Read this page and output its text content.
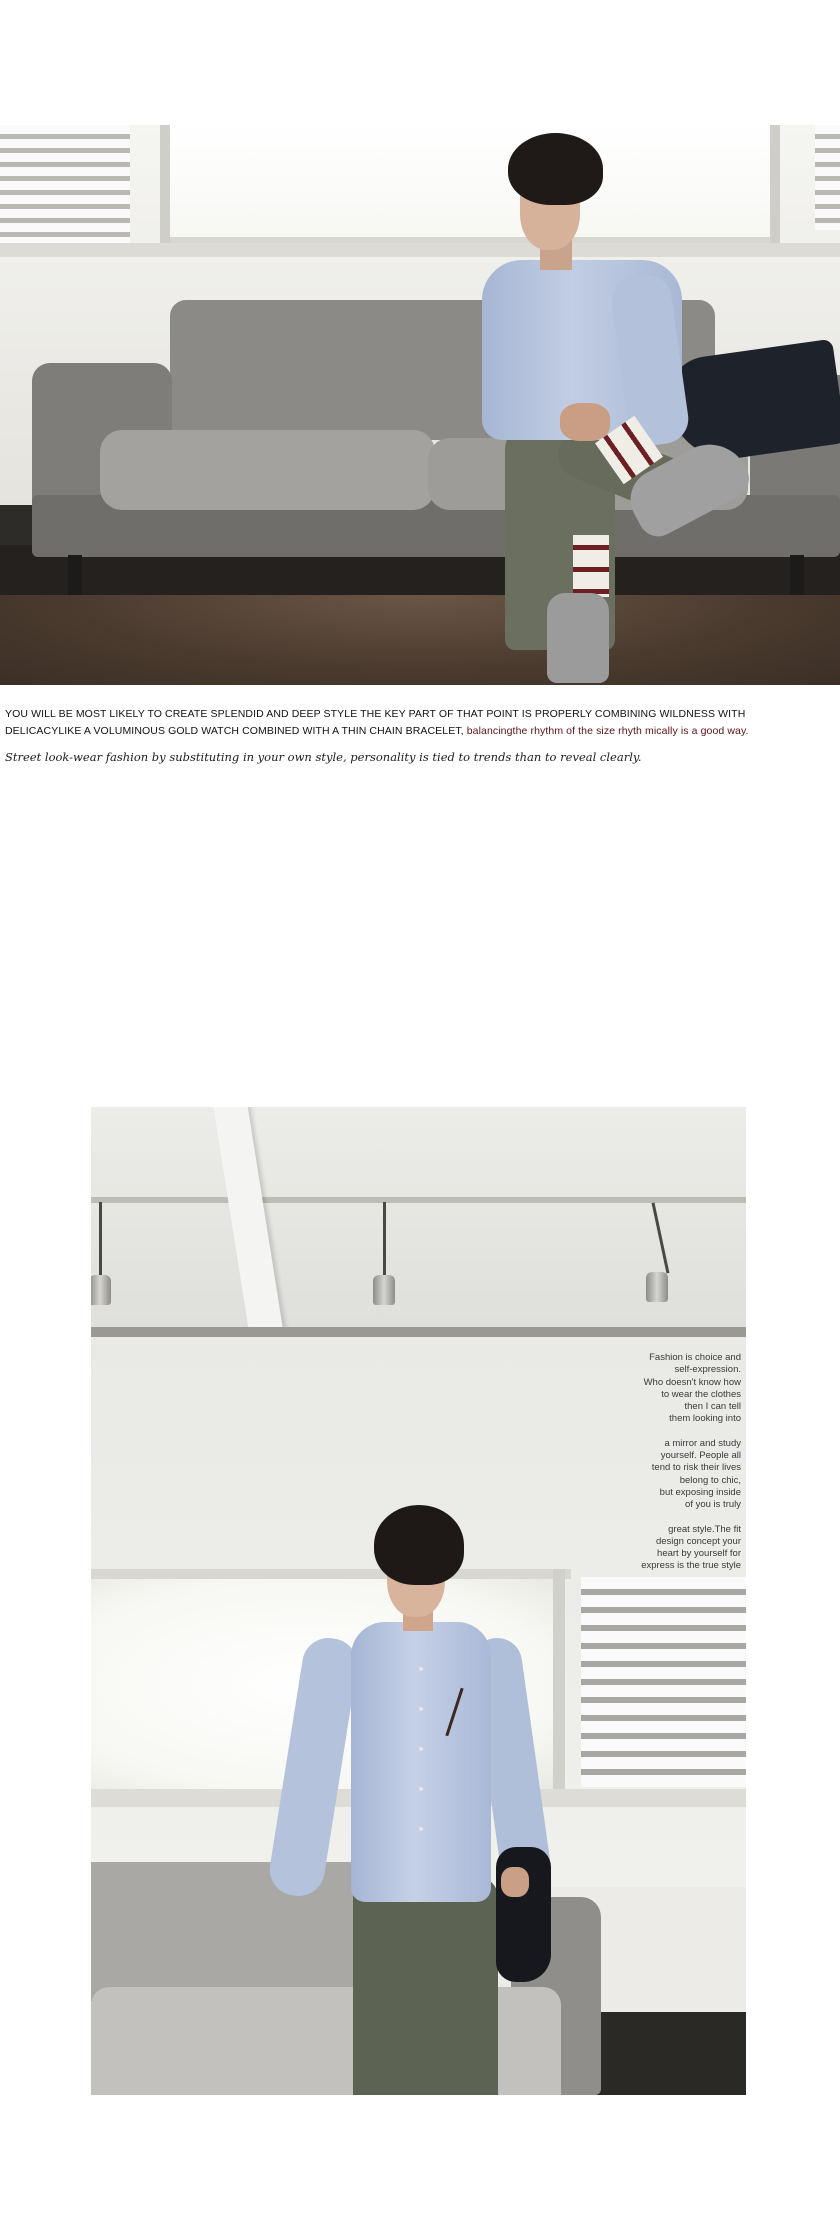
YOU WILL BE MOST LIKELY TO CREATE SPLENDID AND DEEP STYLE THE KEY PART OF THAT POINT IS PROPERLY COMBINING WILDNESS WITH
DELICACYLIKE A VOLUMINOUS GOLD WATCH COMBINED WITH A THIN CHAIN BRACELET, balancingthe rhythm of the size rhyth mically is a good way.
Street look-wear fashion by substituting in your own style, personality is tied to trends than to reveal clearly.

Fashion is choice and
self-expression.
Who doesn't know how
to wear the clothes
then I can tell
them looking into

a mirror and study
yourself. People all
tend to risk their lives
belong to chic,
but exposing inside
of you is truly

great style.The fit
design concept your
heart by yourself for
express is the true style
